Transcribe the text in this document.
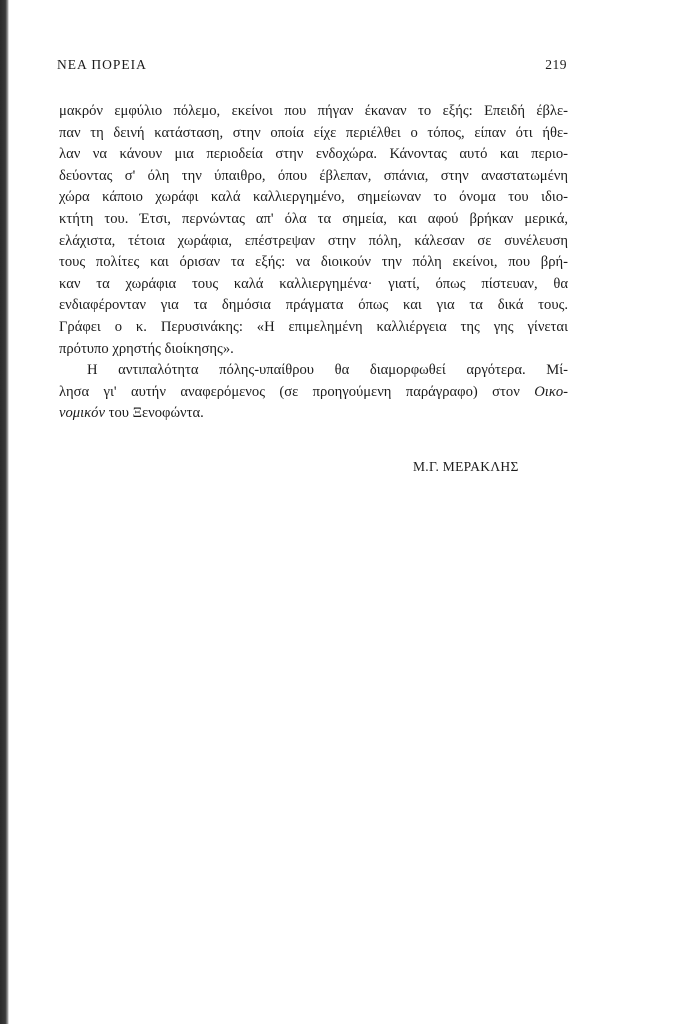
ΝΕΑ ΠΟΡΕΙΑ	219
μακρόν εμφύλιο πόλεμο, εκείνοι που πήγαν έκαναν το εξής: Επειδή έβλε-
παν τη δεινή κατάσταση, στην οποία είχε περιέλθει ο τόπος, είπαν ότι ήθε-
λαν να κάνουν μια περιοδεία στην ενδοχώρα. Κάνοντας αυτό και περιο-
δεύοντας σ' όλη την ύπαιθρο, όπου έβλεπαν, σπάνια, στην αναστατωμένη
χώρα κάποιο χωράφι καλά καλλιεργημένο, σημείωναν το όνομα του ιδιο-
κτήτη του. Έτσι, περνώντας απ' όλα τα σημεία, και αφού βρήκαν μερικά,
ελάχιστα, τέτοια χωράφια, επέστρεψαν στην πόλη, κάλεσαν σε συνέλευση
τους πολίτες και όρισαν τα εξής: να διοικούν την πόλη εκείνοι, που βρή-
καν τα χωράφια τους καλά καλλιεργημένα· γιατί, όπως πίστευαν, θα
ενδιαφέρονταν για τα δημόσια πράγματα όπως και για τα δικά τους.
Γράφει ο κ. Περυσινάκης: «Η επιμελημένη καλλιέργεια της γης γίνεται
πρότυπο χρηστής διοίκησης».
Η αντιπαλότητα πόλης-υπαίθρου θα διαμορφωθεί αργότερα. Μί-
λησα γι' αυτήν αναφερόμενος (σε προηγούμενη παράγραφο) στον Οικο-
νομικόν του Ξενοφώντα.
Μ.Γ. ΜΕΡΑΚΛΗΣ
